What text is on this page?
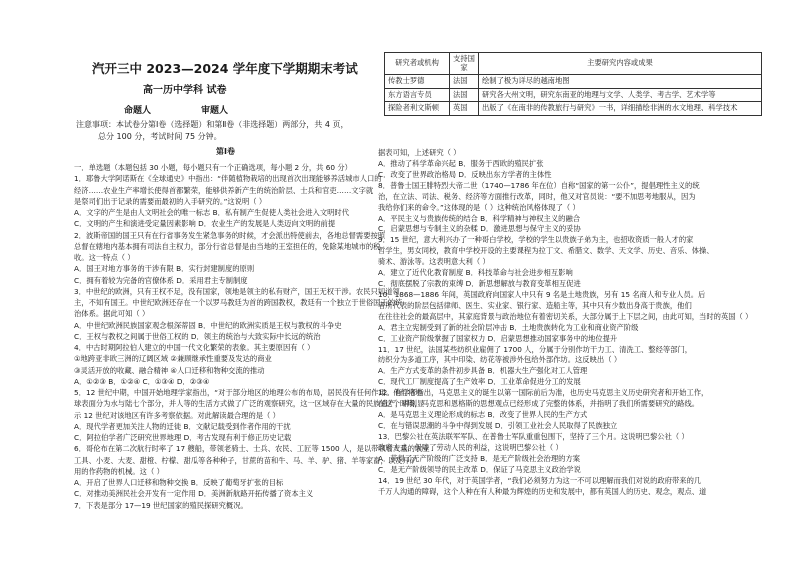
汽开三中 2023—2024 学年度下学期期末考试
高一历中学科 试卷
命题人	审题人
注意事项：本试卷分第Ⅰ卷（选择题）和第Ⅱ卷（非选择题）两部分，共 4 页，
总分 100 分，考试时间 75 分钟。
第Ⅰ卷
一．单选题（本题包括 30 小题，每小题只有一个正确选项，每小题 2 分，共 60 分）
1．耶鲁大学阿诺斯在《全球通史》中指出：“伴随植物栽培的出现首次出现能够养活城市人口的
经济……农业生产率增长使得首都繁荣，能够供养新产生的统治阶层、士兵和官吏……文字就
是祭司们出于记录的需要而最初的入手研究的。”这说明（ ）
A．文字的产生是由人文明社会的唯一标志 B．私有制产生促使人类社会进入文明时代
C．文明的产生和演进受定量因素影响 D．农业生产的发展是人类迈向文明的前提
2．波斯帝国的国王只有在行省事务发生紧急事务的时候，才会派出特使前去，各地总督需要按照
总督在辖地内基本拥有司法自主权力，部分行省总督是由当地的王室担任的，免除某地城市的税
收。这一特点（ ）
A．国王对地方事务的干涉有限 B．实行封建制度的原则
C．拥有着较为完备的官僚体系 D．采用君主专制制度
3．中世纪的欧洲，只有王权不足，没有国家，领地是领主的私有财产，国王无权干涉。农民只知道领
主，不知有国王。中世纪欧洲还存在一个以罗马教廷为首的跨国教权，教廷有一个独立于世俗国王的统
治体系。据此可知（ ）
A．中世纪欧洲民族国家观念根深蒂固 B．中世纪的欧洲实质是王权与教权的斗争史
C．王权与教权之间属于世俗工权的 D．领主的统治与大致实际中长远的统治
4．中古时期阿拉伯人建立的中国一代文化繁荣的表象。其主要原因有（ ）
①地跨亚非欧三洲的辽阔区域 ②兼顾继承性重要及发达的商业
③灵活开放的收藏、融合精神 ④人口迁移和物种交流的推动
A．①②③ B．①②④ C．①③④ D．②③④
5．12 世纪中期，中国开始地理学家指出，“对于部分地区的地理公布的布局，居民没有任何作用。他们将地
球表面分为水与陆七个部分，并人等的生活方式做了广泛的观察研究，这一区域存在大量的民族遗产，碑刻显
示 12 世纪对该地区有许多考察依据。对此解读最合理的是（ ）
A．现代学者更加关注人物的迁徙 B．文献记载受到作者作用的干扰
C．阿拉伯学者广泛研究世界地理 D．考古发现有利于修正历史记载
6．哥伦布在第二次航行时率了 17 艘船，带领老骑士、士兵、农民、工匠等 1500 人，是以带领着大量的农业
工具、小麦、大麦、甜橙、柠檬、甜瓜等各种种子，甘蔗的苗和牛、马、羊、驴、猪、羊等家畜，以及开矿
用的作药物的机械。这（ ）
A．开启了世界人口迁移和物种交换 B．反映了葡萄牙扩张的目标
C．对推动美洲民社会开发有一定作用 D．美洲新航路开拓传播了资本主义
7．下表是部分 17—19 世纪国家的殖民探研究概况。
研究者或机构	支持国家	主要研究内容或成果
传教士罗德	法国	绘制了极为详尽的越南地图
东方语言专员	法国	研究各大州文明，研究东南亚的地理与文学、人类学、考古学、艺术学等
探险者利文斯顿	英国	出版了《在南非的传教旅行与研究》一书，详细描绘非洲的水文地理、科学技术
据表可知，上述研究（ ）
A．推动了科学革命兴起 B．服务于西欧的殖民扩张
C．改变了世界政治格局 D．反映出东方学者的主体性
8．普鲁士国王腓特烈大帝二世（1740—1786 年在位）自称“国家的第一公仆”，提倡理性主义的统
治，在立法、司法、税务、经济等方面推行改革，同时，他又对官员说：“要不加思考地服从，因为
我给你们来的命令。”这体现的是（ ）这种统治风格体现了（ ）
A．平民主义与贵族传统的结合 B．科学精神与神权主义的融合
C．启蒙思想与专制主义的杂糅 D．激进思想与保守主义的妥协
9．15 世纪，意大利兴办了一种哥白学校，学校的学生以贵族子弟为主，也招收资质一般人才的家
哲学生，男女同校，教育中学校开设的主要课程为拉丁文、希腊文、数学、天文学、历史、音乐、体操、
骑术、游泳等。这表明意大利（ ）
A．建立了近代化教育制度 B．科技革命与社会进步相互影响
C．彻底摆脱了宗教的束缚 D．新思想解放与教育变革相互促进
10．1868—1886 年间，英国政府向国家人中只有 9 名是土地贵族，另有 15 名商人和专业人员。后
者所代表的阶层包括律师、医生、实业家、银行家、造船主等，其中只有少数出身高于贵族，他们
在往往社会的最高层中，其家庭背景与政治地位有着密切关系，大部分属于上下层之间，由此可知，当时的英国（ ）
A．君主立宪制受到了新的社会阶层冲击 B．土地贵族转化为工业和商业资产阶级
C．工业资产阶级掌握了国家权力 D．启蒙思想推动国家事务中的地位提升
11．17 世纪，法国某些纺织业雇佣了 1700 人，分属于分别作坊干力工、清洗工、整经等部门，
纺织分为多道工序，其中印染、纺花等被涉外包给外部作坊。这反映出（ ）
A．生产方式变革的条件初步具备 B．机器大生产强化对工人管理
C．现代工厂制度提高了生产效率 D．工业革命促进分工的发展
12．有学者指出，马克思主义的诞生以第一国际前后为准，也历史马克思主义历史研究者和开始工作，
在这个时期，马克思和恩格斯的思想观点已经形成了完整的体系，并指明了我们所需要研究的路线。
A．是马克思主义理论形成的标志 B．改变了世界人民的生产方式
C．在与错误思潮的斗争中得到发展 D．引领工业社会人民取得了民族独立
13．巴黎公社在英法联军军队、在普鲁士军队重重包围下，坚持了三个月。这说明巴黎公社（ ）
政府方式，保障了劳动人民的利益，这说明巴黎公社（ ）
A．获得了无产阶级的广泛支持 B．是无产阶级社会治理的方案
C．是无产阶级领导的民主改革 D．保证了马克思主义政治学说
14．19 世纪 30 年代，对于英国学者，“我们必须努力为这一不可以理解而我们对说的政府带来的几
千万人沟通的障碍，这个人种在有人种最为辉煌的历史和发展中，都有英国人的历史、观念，观点、道
